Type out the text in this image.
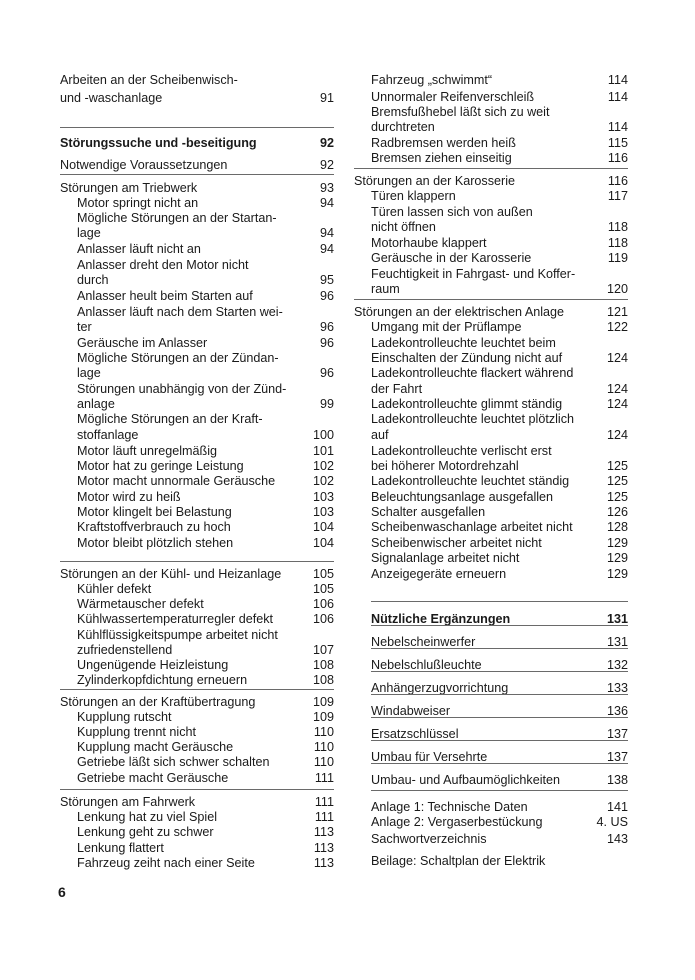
Arbeiten an der Scheibenwisch-
und -waschanlage	91
Störungssuche und -beseitigung	92
Notwendige Voraussetzungen	92
Störungen am Triebwerk	93
Motor springt nicht an	94
Mögliche Störungen an der Startan-
lage	94
Anlasser läuft nicht an	94
Anlasser dreht den Motor nicht
durch	95
Anlasser heult beim Starten auf	96
Anlasser läuft nach dem Starten wei-
ter	96
Geräusche im Anlasser	96
Mögliche Störungen an der Zündan-
lage	96
Störungen unabhängig von der Zünd-
anlage	99
Mögliche Störungen an der Kraft-
stoffanlage	100
Motor läuft unregelmäßig	101
Motor hat zu geringe Leistung	102
Motor macht unnormale Geräusche	102
Motor wird zu heiß	103
Motor klingelt bei Belastung	103
Kraftstoffverbrauch zu hoch	104
Motor bleibt plötzlich stehen	104
Störungen an der Kühl- und Heizanlage	105
Kühler defekt	105
Wärmetauscher defekt	106
Kühlwassertemperaturregler defekt	106
Kühlflüssigkeitspumpe arbeitet nicht
zufriedenstellend	107
Ungenügende Heizleistung	108
Zylinderkopfdichtung erneuern	108
Störungen an der Kraftübertragung	109
Kupplung rutscht	109
Kupplung trennt nicht	110
Kupplung macht Geräusche	110
Getriebe läßt sich schwer schalten	110
Getriebe macht Geräusche	111
Störungen am Fahrwerk	111
Lenkung hat zu viel Spiel	111
Lenkung geht zu schwer	113
Lenkung flattert	113
Fahrzeug zeiht nach einer Seite	113
Fahrzeug „schwimmt“	114
Unnormaler Reifenverschleiß	114
Bremsfußhebel läßt sich zu weit
durchtreten	114
Radbremsen werden heiß	115
Bremsen ziehen einseitig	116
Störungen an der Karosserie	116
Türen klappern	117
Türen lassen sich von außen
nicht öffnen	118
Motorhaube klappert	118
Geräusche in der Karosserie	119
Feuchtigkeit in Fahrgast- und Koffer-
raum	120
Störungen an der elektrischen Anlage	121
Umgang mit der Prüflampe	122
Ladekontrolleuchte leuchtet beim
Einschalten der Zündung nicht auf	124
Ladekontrolleuchte flackert während
der Fahrt	124
Ladekontrolleuchte glimmt ständig	124
Ladekontrolleuchte leuchtet plötzlich
auf	124
Ladekontrolleuchte verlischt erst
bei höherer Motordrehzahl	125
Ladekontrolleuchte leuchtet ständig	125
Beleuchtungsanlage ausgefallen	125
Schalter ausgefallen	126
Scheibenwaschanlage arbeitet nicht	128
Scheibenwischer arbeitet nicht	129
Signalanlage arbeitet nicht	129
Anzeigegeräte erneuern	129
Nützliche Ergänzungen	131
Nebelscheinwerfer	131
Nebelschlußleuchte	132
Anhängerzugvorrichtung	133
Windabweiser	136
Ersatzschlüssel	137
Umbau für Versehrte	137
Umbau- und Aufbaumöglichkeiten	138
Anlage 1: Technische Daten	141
Anlage 2: Vergaserbestückung	4. US
Sachwortverzeichnis	143
Beilage: Schaltplan der Elektrik
6
